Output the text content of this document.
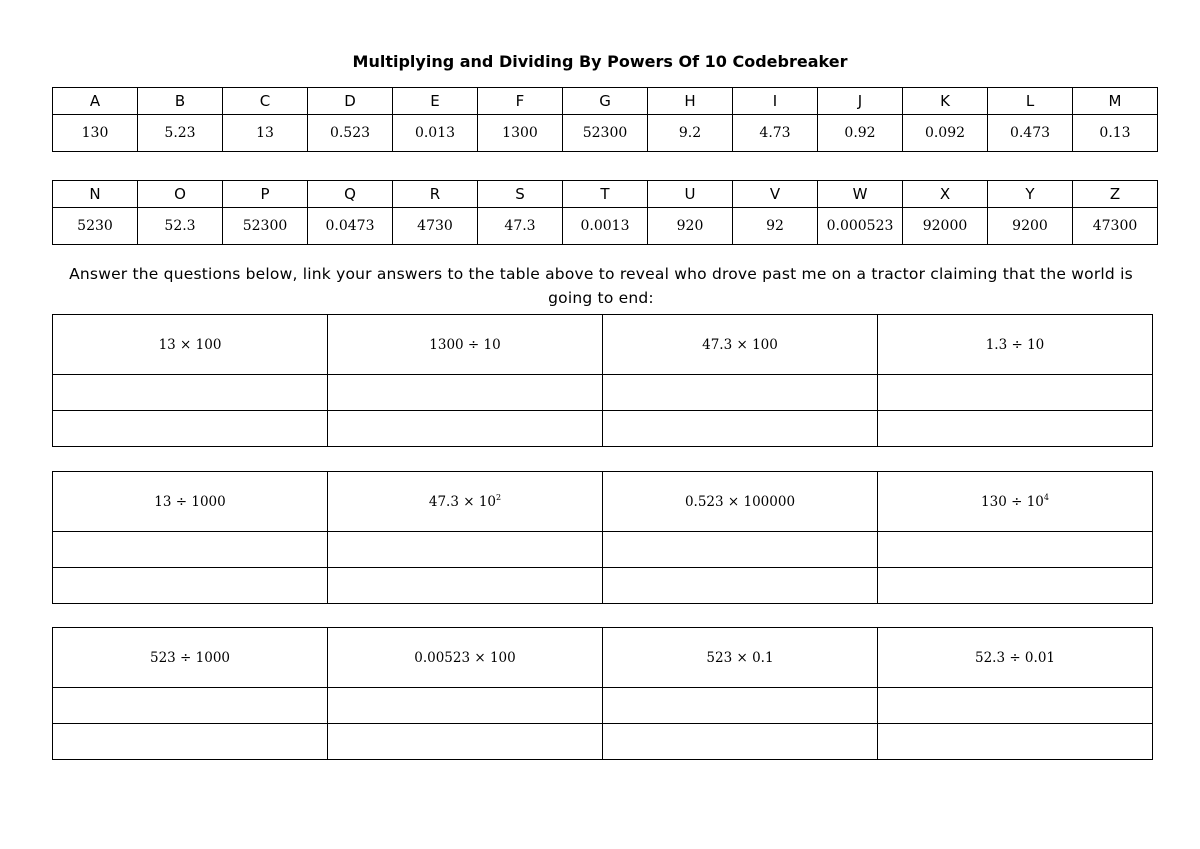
Multiplying and Dividing By Powers Of 10 Codebreaker
A	B	C	D	E	F	G	H	I	J	K	L	M
130	5.23	13	0.523	0.013	1300	52300	9.2	4.73	0.92	0.092	0.473	0.13
N	O	P	Q	R	S	T	U	V	W	X	Y	Z
5230	52.3	52300	0.0473	4730	47.3	0.0013	920	92	0.000523	92000	9200	47300
Answer the questions below, link your answers to the table above to reveal who drove past me on a tractor claiming that the world is going to end:
13 × 100	1300 ÷ 10	47.3 × 100	1.3 ÷ 10

13 ÷ 1000	$47.3 \times 10^2$	0.523 × 100000	$130 \div 10^4$

523 ÷ 1000	0.00523 × 100	523 × 0.1	52.3 ÷ 0.01
